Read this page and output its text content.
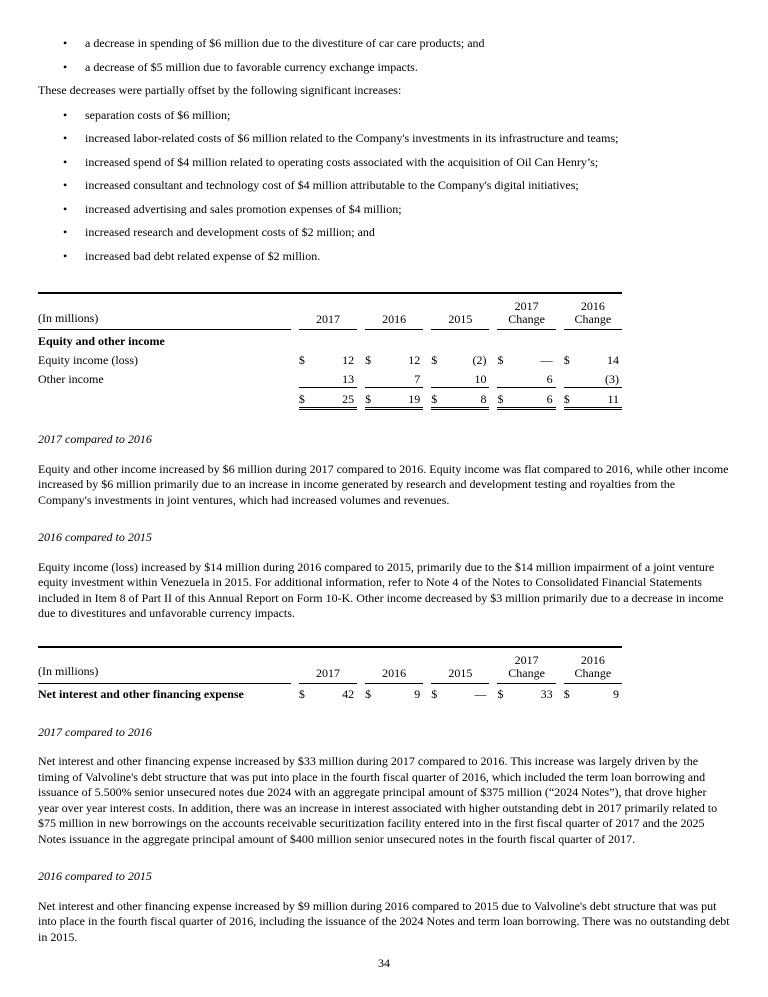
•	a decrease in spending of $6 million due to the divestiture of car care products; and
•	a decrease of $5 million due to favorable currency exchange impacts.

These decreases were partially offset by the following significant increases:

•	separation costs of $6 million;
•	increased labor-related costs of $6 million related to the Company's investments in its infrastructure and teams;
•	increased spend of $4 million related to operating costs associated with the acquisition of Oil Can Henry’s;
•	increased consultant and technology cost of $4 million attributable to the Company's digital initiatives;
•	increased advertising and sales promotion expenses of $4 million;
•	increased research and development costs of $2 million; and
•	increased bad debt related expense of $2 million.
(In millions)		2017			2016			2015			2017 Change			2016 Change	
Equity and other income															
Equity income (loss)		$	12		$	12		$	(2)		$	—		$	14
Other income			13			7			10			6			(3)
		$	25		$	19		$	8		$	6		$	11
2017 compared to 2016

Equity and other income increased by $6 million during 2017 compared to 2016. Equity income was flat compared to 2016, while other income increased by $6 million primarily due to an increase in income generated by research and development testing and royalties from the Company's investments in joint ventures, which had increased volumes and revenues.

2016 compared to 2015

Equity income (loss) increased by $14 million during 2016 compared to 2015, primarily due to the $14 million impairment of a joint venture equity investment within Venezuela in 2015. For additional information, refer to Note 4 of the Notes to Consolidated Financial Statements included in Item 8 of Part II of this Annual Report on Form 10-K. Other income decreased by $3 million primarily due to a decrease in income due to divestitures and unfavorable currency impacts.

(In millions)		2017			2016			2015			2017 Change			2016 Change	
Net interest and other financing expense		$	42		$	9		$	—		$	33		$	9
2017 compared to 2016

Net interest and other financing expense increased by $33 million during 2017 compared to 2016. This increase was largely driven by the timing of Valvoline's debt structure that was put into place in the fourth fiscal quarter of 2016, which included the term loan borrowing and issuance of 5.500% senior unsecured notes due 2024 with an aggregate principal amount of $375 million (“2024 Notes”), that drove higher year over year interest costs. In addition, there was an increase in interest associated with higher outstanding debt in 2017 primarily related to $75 million in new borrowings on the accounts receivable securitization facility entered into in the first fiscal quarter of 2017 and the 2025 Notes issuance in the aggregate principal amount of $400 million senior unsecured notes in the fourth fiscal quarter of 2017.

2016 compared to 2015

Net interest and other financing expense increased by $9 million during 2016 compared to 2015 due to Valvoline's debt structure that was put into place in the fourth fiscal quarter of 2016, including the issuance of the 2024 Notes and term loan borrowing. There was no outstanding debt in 2015.

34
